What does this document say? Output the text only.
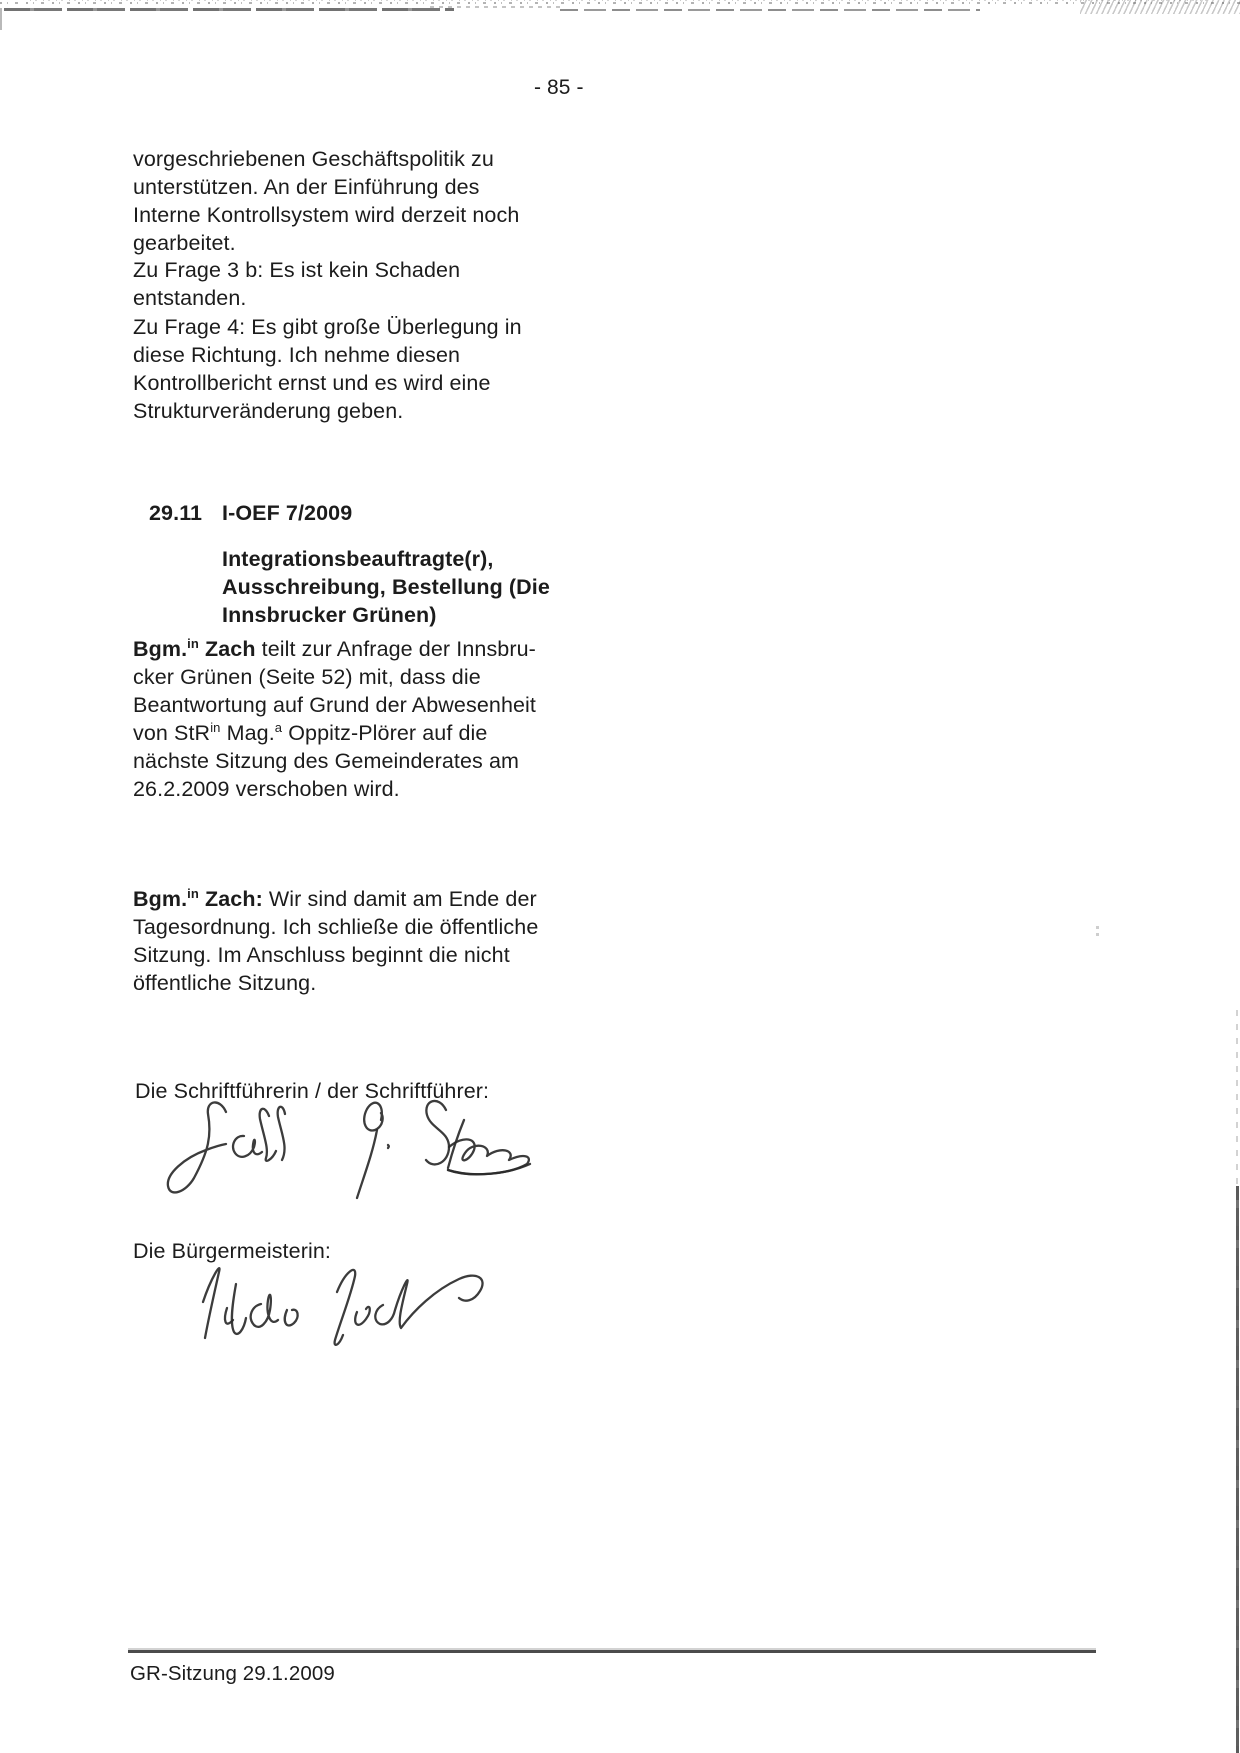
- 85 -
vorgeschriebenen Geschäftspolitik zu
unterstützen. An der Einführung des
Interne Kontrollsystem wird derzeit noch
gearbeitet.
Zu Frage 3 b: Es ist kein Schaden
entstanden.
Zu Frage 4: Es gibt große Überlegung in
diese Richtung. Ich nehme diesen
Kontrollbericht ernst und es wird eine
Strukturveränderung geben.
29.11 I-OEF 7/2009
Integrationsbeauftragte(r),
Ausschreibung, Bestellung (Die
Innsbrucker Grünen)
Bgm.$^{in}$ Zach teilt zur Anfrage der Innsbru-
cker Grünen (Seite 52) mit, dass die
Beantwortung auf Grund der Abwesenheit
von StR$^{in}$ Mag.$^a$ Oppitz-Plörer auf die
nächste Sitzung des Gemeinderates am
26.2.2009 verschoben wird.
Bgm.$^{in}$ Zach: Wir sind damit am Ende der
Tagesordnung. Ich schließe die öffentliche
Sitzung. Im Anschluss beginnt die nicht
öffentliche Sitzung.
Die Schriftführerin / der Schriftführer:
Die Bürgermeisterin:
GR-Sitzung 29.1.2009
